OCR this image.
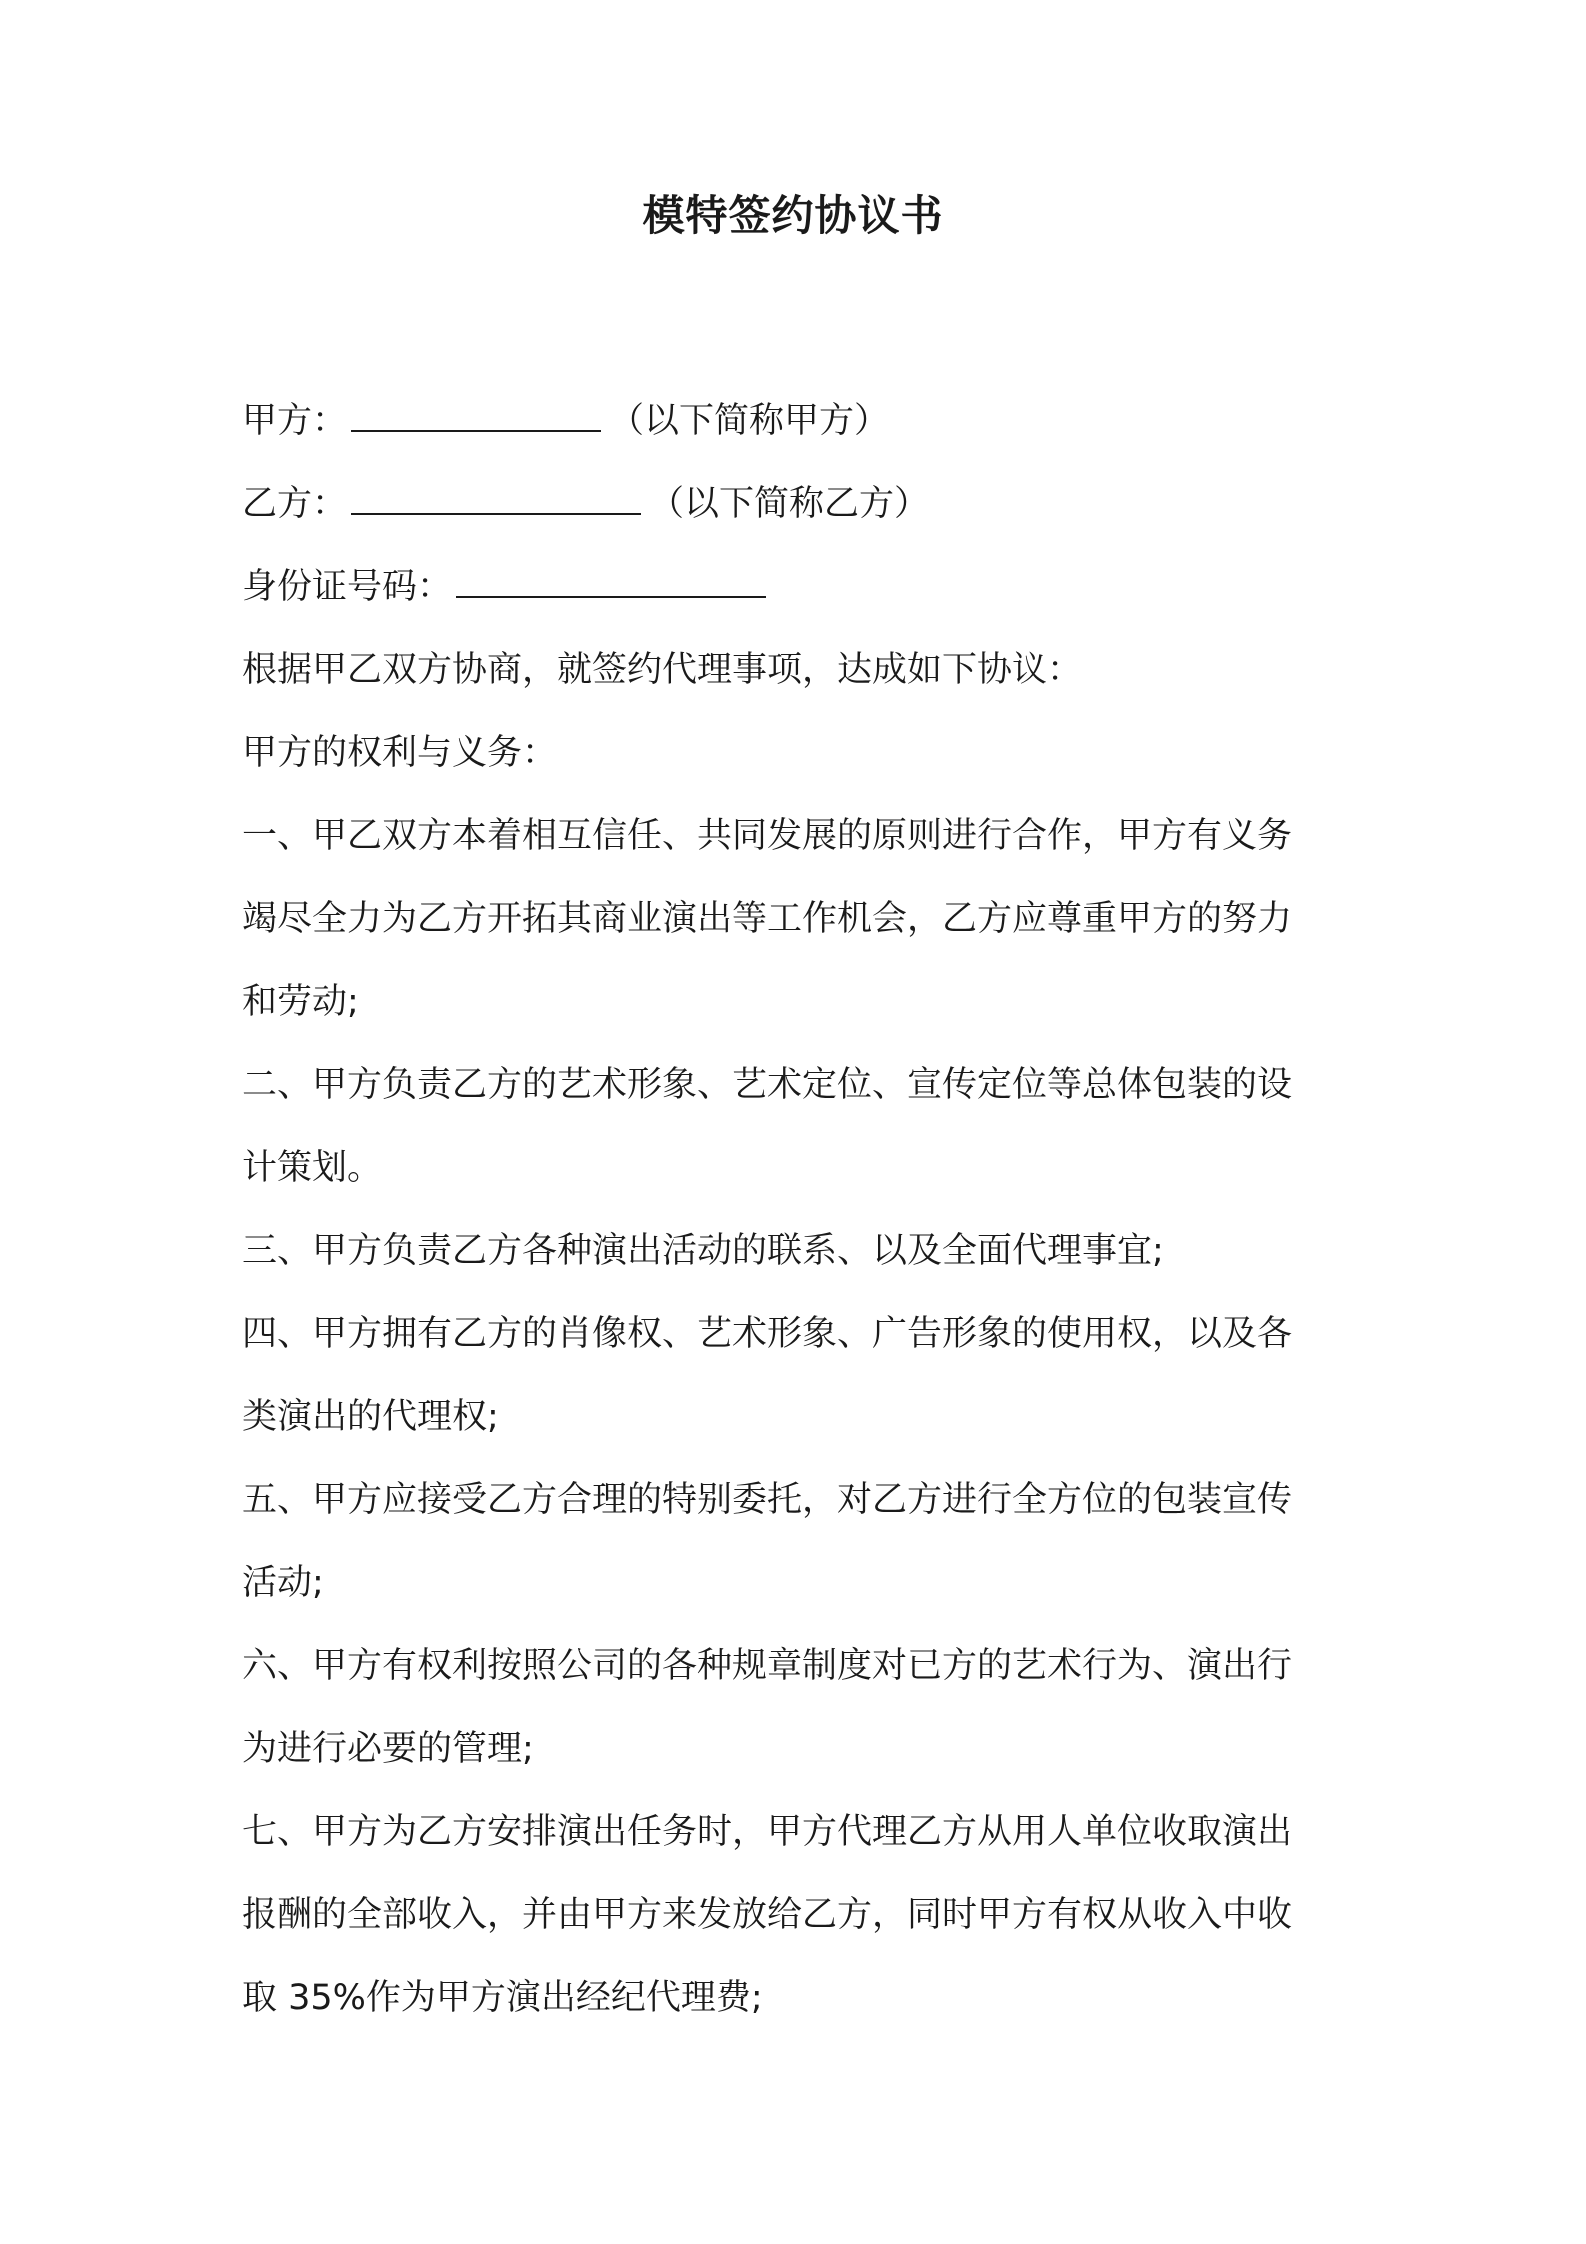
模特签约协议书
甲方：	（以下简称甲方）
乙方：	（以下简称乙方）
身份证号码：
根据甲乙双方协商，就签约代理事项，达成如下协议：
甲方的权利与义务：
一、甲乙双方本着相互信任、共同发展的原则进行合作，甲方有义务
竭尽全力为乙方开拓其商业演出等工作机会，乙方应尊重甲方的努力
和劳动;
二、甲方负责乙方的艺术形象、艺术定位、宣传定位等总体包装的设
计策划。
三、甲方负责乙方各种演出活动的联系、以及全面代理事宜;
四、甲方拥有乙方的肖像权、艺术形象、广告形象的使用权，以及各
类演出的代理权;
五、甲方应接受乙方合理的特别委托，对乙方进行全方位的包装宣传
活动;
六、甲方有权利按照公司的各种规章制度对已方的艺术行为、演出行
为进行必要的管理;
七、甲方为乙方安排演出任务时，甲方代理乙方从用人单位收取演出
报酬的全部收入，并由甲方来发放给乙方，同时甲方有权从收入中收
取 35%作为甲方演出经纪代理费;
